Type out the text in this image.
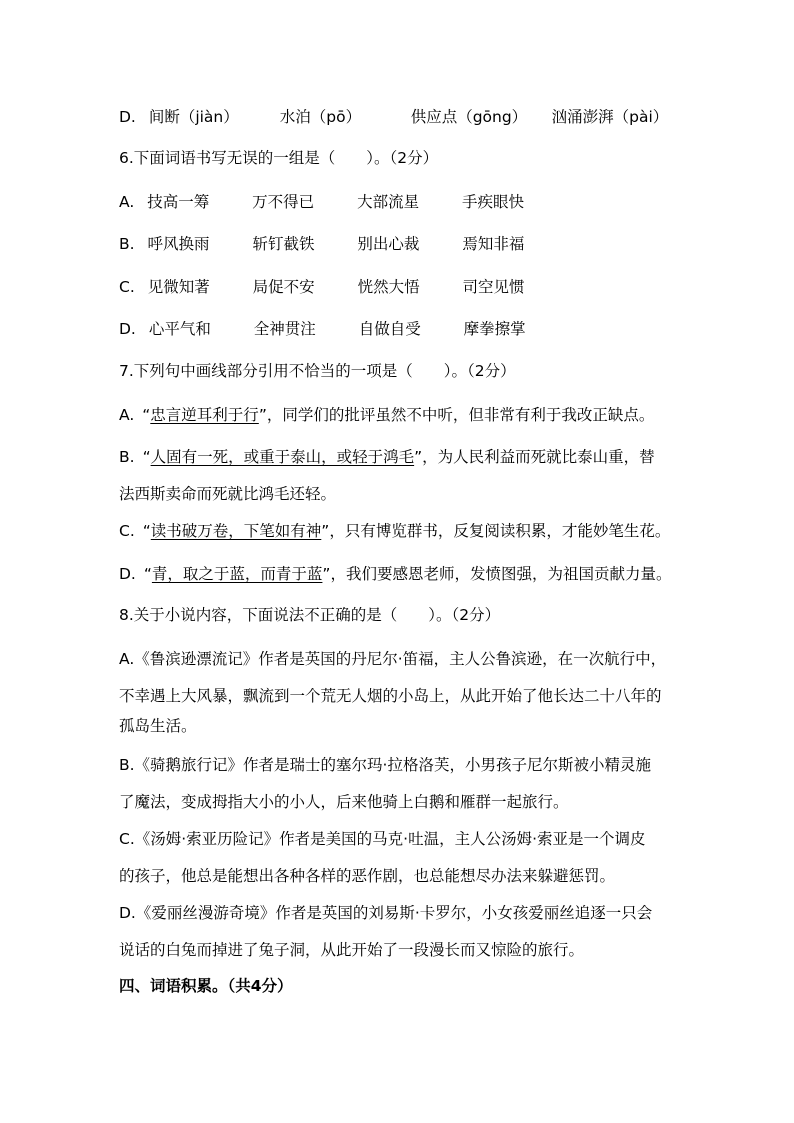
D. 间断（jiàn）	水泊（pō）	供应点（gōng） 汹涌澎湃（pài）
6.下面词语书写无误的一组是（　　）。（2分）
A. 技高一筹	万不得已	大部流星	手疾眼快
B. 呼风换雨	斩钉截铁	别出心裁	焉知非福
C. 见微知著	局促不安	恍然大悟	司空见惯
D. 心平气和	全神贯注	自做自受	摩拳擦掌
7.下列句中画线部分引用不恰当的一项是（　　）。（2分）
A. “忠言逆耳利于行”，同学们的批评虽然不中听，但非常有利于我改正缺点。
B. “人固有一死，或重于泰山，或轻于鸿毛”，为人民利益而死就比泰山重，替
法西斯卖命而死就比鸿毛还轻。
C. “读书破万卷，下笔如有神”，只有博览群书，反复阅读积累，才能妙笔生花。
D. “青，取之于蓝，而青于蓝”，我们要感恩老师，发愤图强，为祖国贡献力量。
8.关于小说内容，下面说法不正确的是（　　）。（2分）
A.《鲁滨逊漂流记》作者是英国的丹尼尔·笛福，主人公鲁滨逊，在一次航行中，
不幸遇上大风暴，飘流到一个荒无人烟的小岛上，从此开始了他长达二十八年的
孤岛生活。
B.《骑鹅旅行记》作者是瑞士的塞尔玛·拉格洛芙，小男孩子尼尔斯被小精灵施
了魔法，变成拇指大小的小人，后来他骑上白鹅和雁群一起旅行。
C.《汤姆·索亚历险记》作者是美国的马克·吐温，主人公汤姆·索亚是一个调皮
的孩子，他总是能想出各种各样的恶作剧，也总能想尽办法来躲避惩罚。
D.《爱丽丝漫游奇境》作者是英国的刘易斯·卡罗尔，小女孩爱丽丝追逐一只会
说话的白兔而掉进了兔子洞，从此开始了一段漫长而又惊险的旅行。
四、词语积累。（共4分）
